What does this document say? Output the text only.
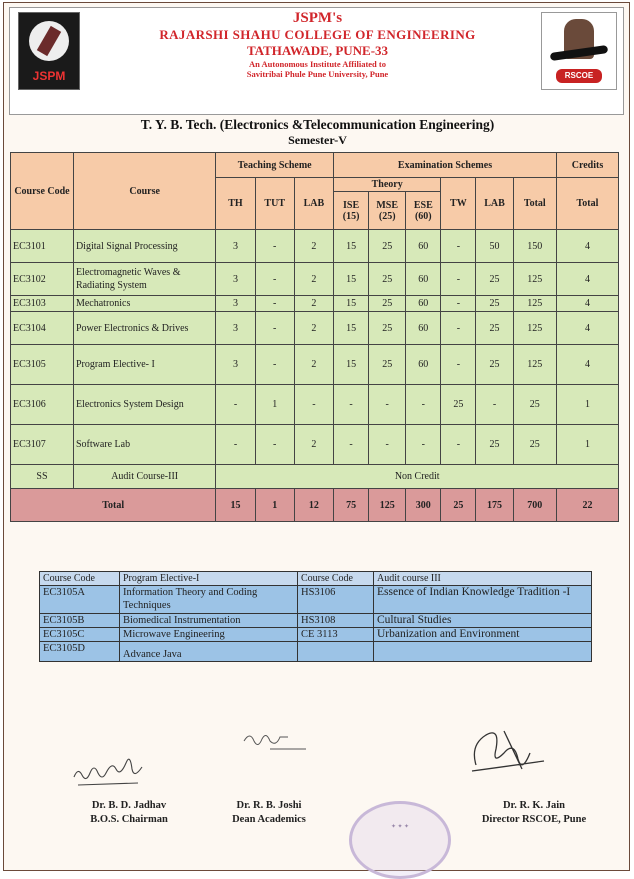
JSPM
JSPM's
RAJARSHI SHAHU COLLEGE OF ENGINEERING
TATHAWADE, PUNE-33
An Autonomous Institute Affiliated to
Savitribai Phule Pune University, Pune	RSCOE
T. Y. B. Tech. (Electronics &Telecommunication Engineering)
Semester-V
Course Code	Course	Teaching Scheme			Examination Schemes						Credits
		TH	TUT	LAB	Theory			TW	LAB	Total	Total
					ISE (15)	MSE (25)	ESE (60)				
EC3101	Digital Signal Processing	3	-	2	15	25	60	-	50	150	4
EC3102	Electromagnetic Waves & Radiating System	3	-	2	15	25	60	-	25	125	4
EC3103	Mechatronics	3	-	2	15	25	60	-	25	125	4
EC3104	Power Electronics & Drives	3	-	2	15	25	60	-	25	125	4
EC3105	Program Elective- I	3	-	2	15	25	60	-	25	125	4
EC3106	Electronics System Design	-	1	-	-	-	-	25	-	25	1
EC3107	Software Lab	-	-	2	-	-	-	-	25	25	1
SS	Audit Course-III	Non Credit									
Total		15	1	12	75	125	300	25	175	700	22
Course Code	Program Elective-I	Course Code	Audit course III
EC3105A	Information Theory and Coding Techniques	HS3106	Essence of Indian Knowledge Tradition -I
EC3105B	Biomedical Instrumentation	HS3108	Cultural Studies
EC3105C	Microwave Engineering	CE 3113	Urbanization and Environment
EC3105D	Advance Java		
✦ ✦ ✦
Dr. B. D. Jadhav
B.O.S. Chairman
Dr. R. B. Joshi
Dean Academics
Dr. R. K. Jain
Director RSCOE, Pune
